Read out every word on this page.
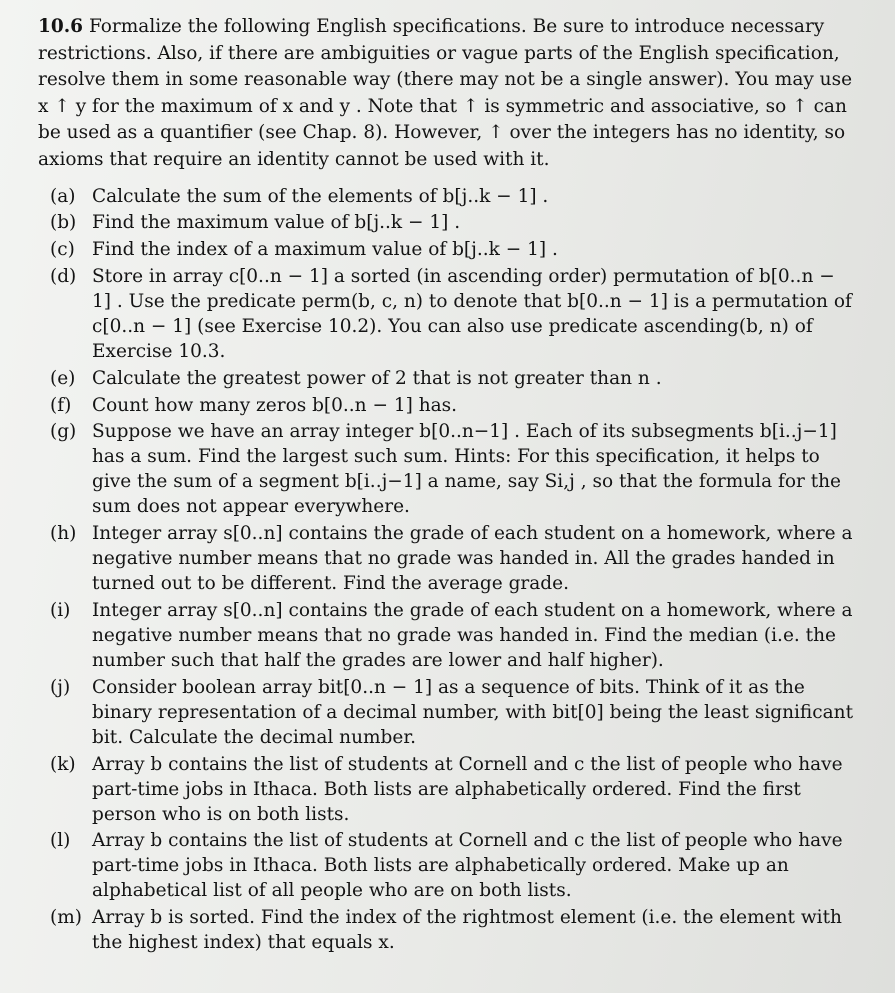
10.6 Formalize the following English specifications. Be sure to introduce necessary restrictions. Also, if there are ambiguities or vague parts of the English specification, resolve them in some reasonable way (there may not be a single answer). You may use x ↑ y for the maximum of x and y . Note that ↑ is symmetric and associative, so ↑ can be used as a quantifier (see Chap. 8). However, ↑ over the integers has no identity, so axioms that require an identity cannot be used with it.

(a) Calculate the sum of the elements of b[j..k − 1] .
(b) Find the maximum value of b[j..k − 1] .
(c) Find the index of a maximum value of b[j..k − 1] .
(d) Store in array c[0..n − 1] a sorted (in ascending order) permutation of b[0..n − 1] . Use the predicate perm(b, c, n) to denote that b[0..n − 1] is a permutation of c[0..n − 1] (see Exercise 10.2). You can also use predicate ascending(b, n) of Exercise 10.3.
(e) Calculate the greatest power of 2 that is not greater than n .
(f) Count how many zeros b[0..n − 1] has.
(g) Suppose we have an array integer b[0..n−1] . Each of its subsegments b[i..j−1] has a sum. Find the largest such sum. Hints: For this specification, it helps to give the sum of a segment b[i..j−1] a name, say Si,j , so that the formula for the sum does not appear everywhere.
(h) Integer array s[0..n] contains the grade of each student on a homework, where a negative number means that no grade was handed in. All the grades handed in turned out to be different. Find the average grade.
(i) Integer array s[0..n] contains the grade of each student on a homework, where a negative number means that no grade was handed in. Find the median (i.e. the number such that half the grades are lower and half higher).
(j) Consider boolean array bit[0..n − 1] as a sequence of bits. Think of it as the binary representation of a decimal number, with bit[0] being the least significant bit. Calculate the decimal number.
(k) Array b contains the list of students at Cornell and c the list of people who have part-time jobs in Ithaca. Both lists are alphabetically ordered. Find the first person who is on both lists.
(l) Array b contains the list of students at Cornell and c the list of people who have part-time jobs in Ithaca. Both lists are alphabetically ordered. Make up an alphabetical list of all people who are on both lists.
(m) Array b is sorted. Find the index of the rightmost element (i.e. the element with the highest index) that equals x.
